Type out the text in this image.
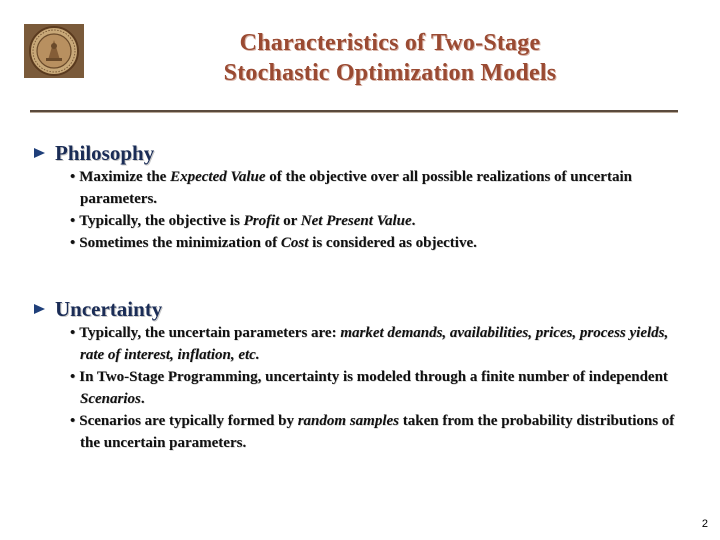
Characteristics of Two-Stage
Stochastic Optimization Models
Philosophy
• Maximize the Expected Value of the objective over all possible realizations of uncertain parameters.
• Typically, the objective is Profit or Net Present Value.
• Sometimes the minimization of Cost is considered as objective.
Uncertainty
• Typically, the uncertain parameters are: market demands, availabilities, prices, process yields, rate of interest, inflation, etc.
• In Two-Stage Programming, uncertainty is modeled through a finite number of independent Scenarios.
• Scenarios are typically formed by random samples taken from the probability distributions of the uncertain parameters.
2
